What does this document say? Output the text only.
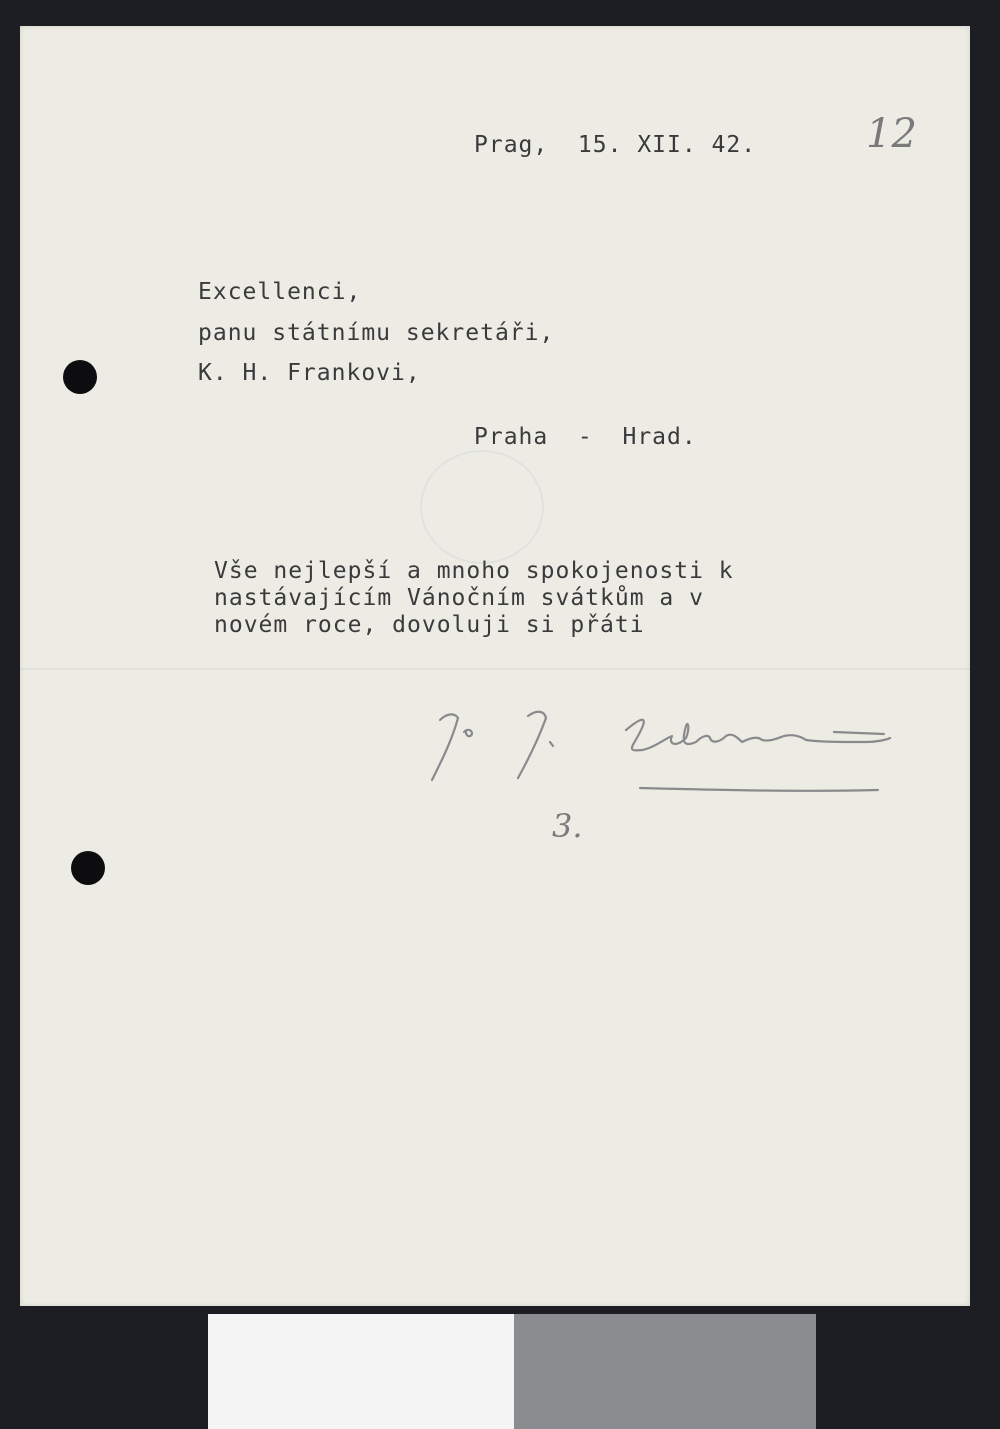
Prag,  15. XII. 42.	12
Excellenci,
panu státnímu sekretáři,
K. H. Frankovi,
Praha  -  Hrad.
Vše nejlepší a mnoho spokojenosti k
nastávajícím Vánočním svátkům a v
novém roce, dovoluji si přáti
3.
